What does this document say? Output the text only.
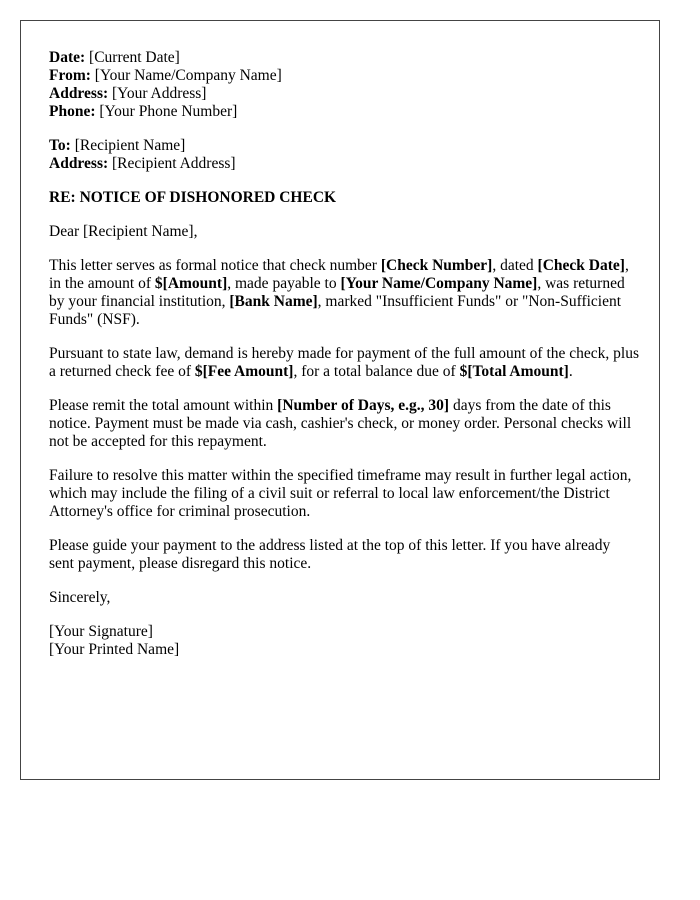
Date: [Current Date]
From: [Your Name/Company Name]
Address: [Your Address]
Phone: [Your Phone Number]
To: [Recipient Name]
Address: [Recipient Address]

RE: NOTICE OF DISHONORED CHECK

Dear [Recipient Name],

This letter serves as formal notice that check number [Check Number], dated [Check Date], in the amount of $[Amount], made payable to [Your Name/Company Name], was returned by your financial institution, [Bank Name], marked "Insufficient Funds" or "Non-Sufficient Funds" (NSF).

Pursuant to state law, demand is hereby made for payment of the full amount of the check, plus a returned check fee of $[Fee Amount], for a total balance due of $[Total Amount].

Please remit the total amount within [Number of Days, e.g., 30] days from the date of this notice. Payment must be made via cash, cashier's check, or money order. Personal checks will not be accepted for this repayment.

Failure to resolve this matter within the specified timeframe may result in further legal action, which may include the filing of a civil suit or referral to local law enforcement/the District Attorney's office for criminal prosecution.

Please guide your payment to the address listed at the top of this letter. If you have already sent payment, please disregard this notice.

Sincerely,

[Your Signature]
[Your Printed Name]
